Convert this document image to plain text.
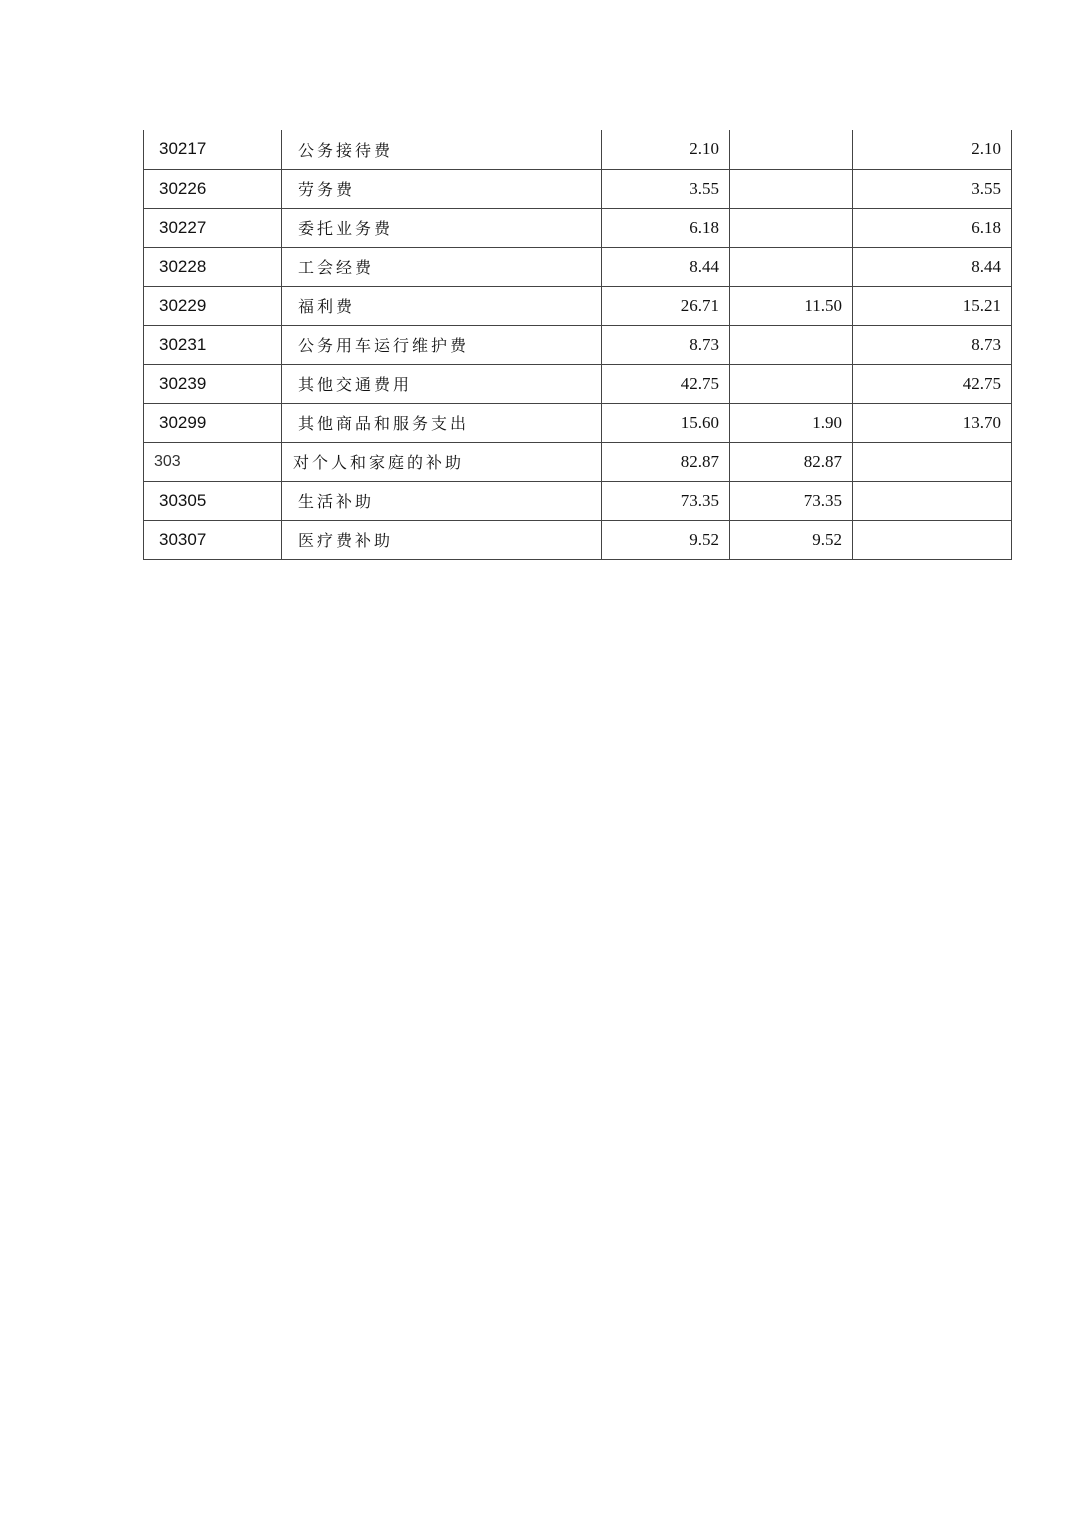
30217	公务接待费	2.10		2.10
30226	劳务费	3.55		3.55
30227	委托业务费	6.18		6.18
30228	工会经费	8.44		8.44
30229	福利费	26.71	11.50	15.21
30231	公务用车运行维护费	8.73		8.73
30239	其他交通费用	42.75		42.75
30299	其他商品和服务支出	15.60	1.90	13.70
303	对个人和家庭的补助	82.87	82.87	
30305	生活补助	73.35	73.35	
30307	医疗费补助	9.52	9.52	
